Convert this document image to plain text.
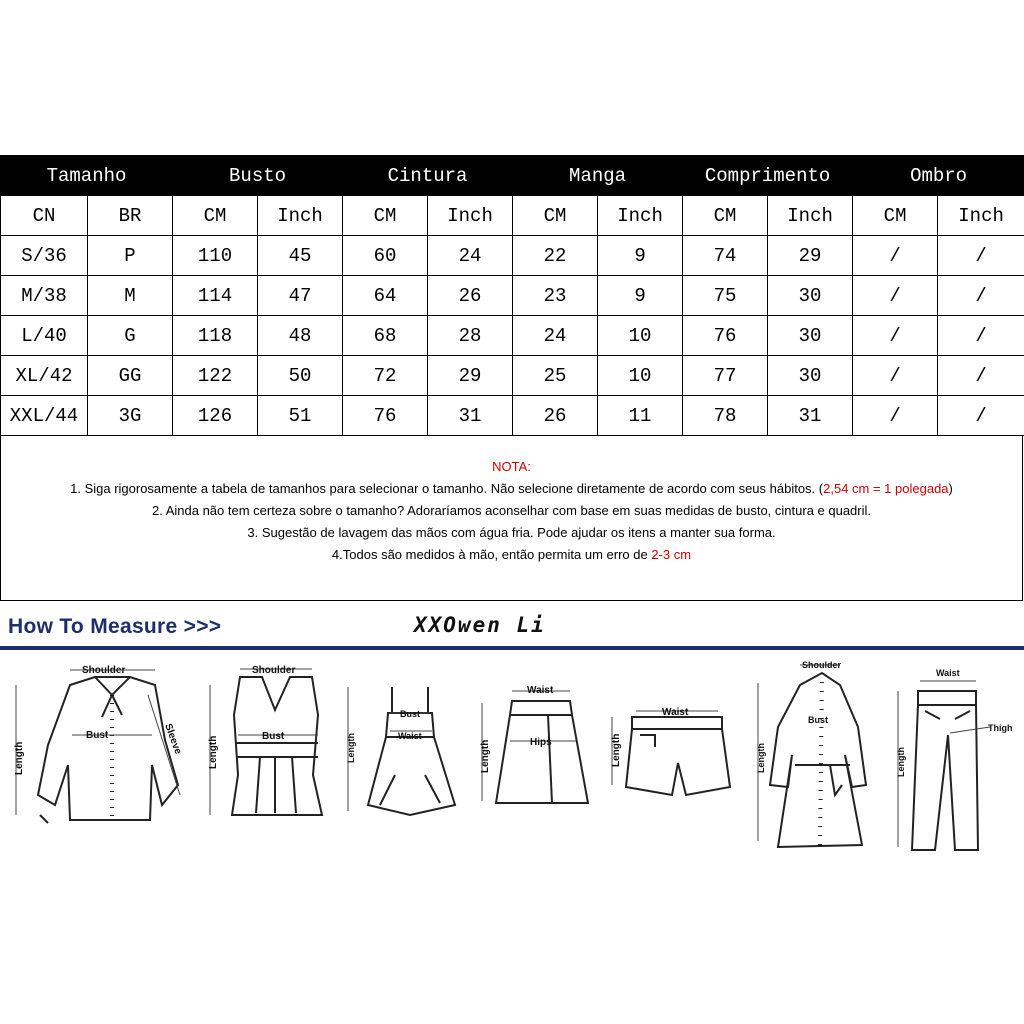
Tamanho		Busto		Cintura		Manga		Comprimento		Ombro	
CN	BR	CM	Inch	CM	Inch	CM	Inch	CM	Inch	CM	Inch
S/36	P	110	45	60	24	22	9	74	29	/	/
M/38	M	114	47	64	26	23	9	75	30	/	/
L/40	G	118	48	68	28	24	10	76	30	/	/
XL/42	GG	122	50	72	29	25	10	77	30	/	/
XXL/44	3G	126	51	76	31	26	11	78	31	/	/
NOTA:
1. Siga rigorosamente a tabela de tamanhos para selecionar o tamanho. Não selecione diretamente de acordo com seus hábitos. (2,54 cm = 1 polegada)
2. Ainda não tem certeza sobre o tamanho? Adoraríamos aconselhar com base em suas medidas de busto, cintura e quadril.
3. Sugestão de lavagem das mãos com água fria. Pode ajudar os itens a manter sua forma.
4.Todos são medidos à mão, então permita um erro de 2-3 cm
How To Measure >>>	XXOwen Li
Shoulder
Bust
Length
Sleeve
Shoulder
Bust
Length
Bust
Waist
Length
Waist
Hips
Length
Waist
Length
Shoulder
Bust
Length
Waist
Thigh
Length
